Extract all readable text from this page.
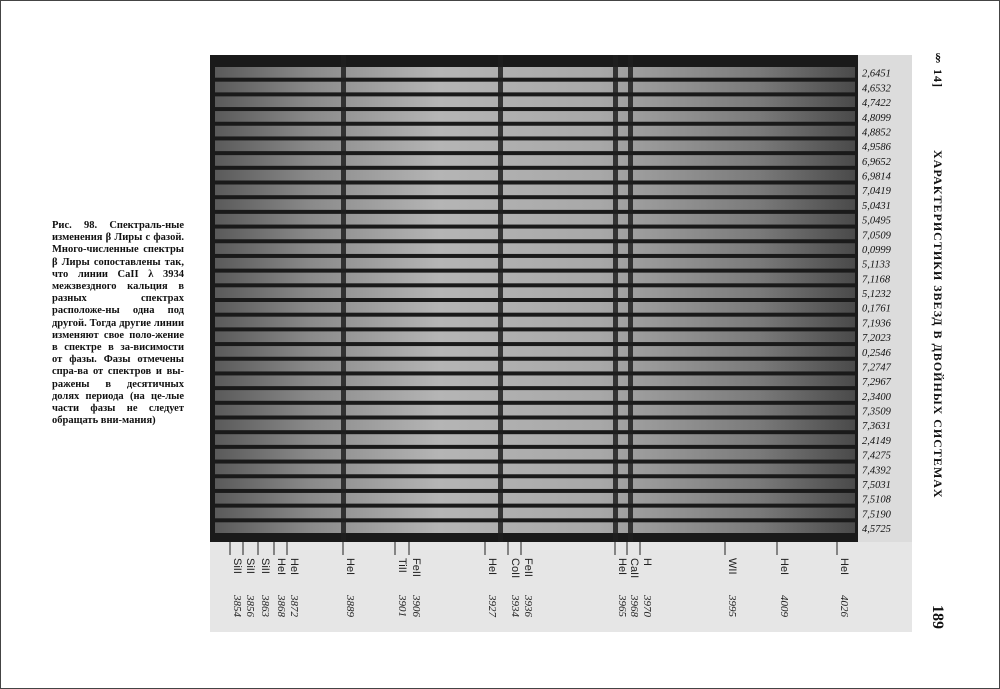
Рис. 98. Спектраль-ные изменения β Лиры с фазой. Много-численные спектры β Лиры сопоставлены так, что линии CaII λ 3934 межзвездного кальция в разных спектрах расположе-ны одна под другой. Тогда другие линии изменяют свое поло-жение в спектре в за-висимости от фазы. Фазы отмечены спра-ва от спектров и вы-ражены в десятичных долях периода (на це-лые части фазы не следует обращать вни-мания)
§ 14]
ХАРАКТЕРИСТИКИ ЗВЕЗД В ДВОЙНЫХ СИСТЕМАХ
189
2,6451
4,6532
4,7422
4,8099
4,8852
4,9586
6,9652
6,9814
7,0419
5,0431
5,0495
7,0509
0,0999
5,1133
7,1168
5,1232
0,1761
7,1936
7,2023
0,2546
7,2747
7,2967
2,3400
7,3509
7,3631
2,4149
7,4275
7,4392
7,5031
7,5108
7,5190
4,5725
SiII
3854
SiII
3856
SiII
3863
HeI
3868
HeI
3872
HeI
3889
TiII
3901
FeII
3906
HeI
3927
CoII
3934
FeII
3936
HeI
3965
CaII
3968
H
3970
WII
3995
HeI
4009
HeI
4026
